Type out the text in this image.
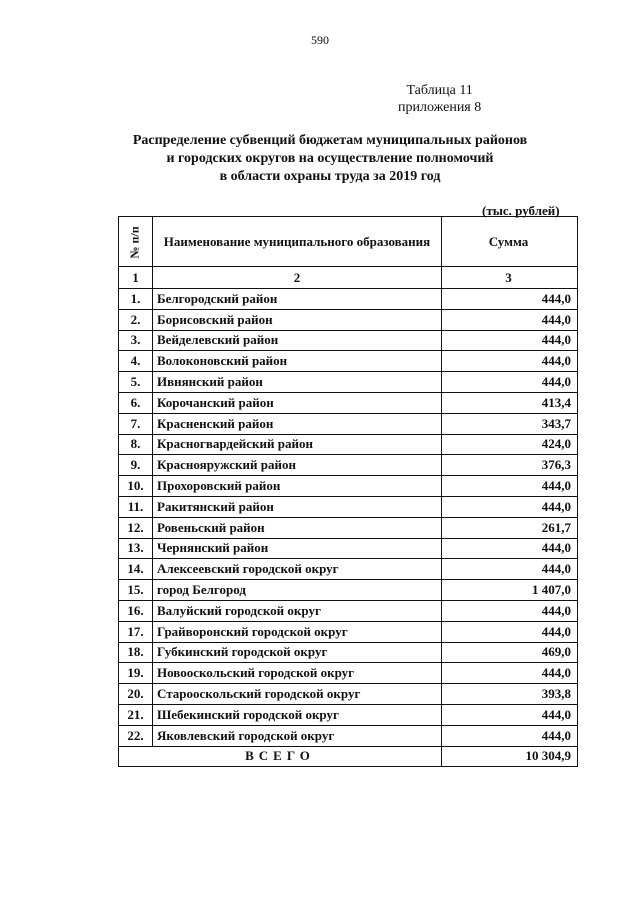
590
Таблица 11
приложения 8
Распределение субвенций бюджетам муниципальных районов
и городских округов на осуществление полномочий
в области охраны труда за 2019 год
(тыс. рублей)
№ п/п	Наименование муниципального образования	Сумма
1	2	3
1.	Белгородский район	444,0
2.	Борисовский район	444,0
3.	Вейделевский район	444,0
4.	Волоконовский район	444,0
5.	Ивнянский район	444,0
6.	Корочанский район	413,4
7.	Красненский район	343,7
8.	Красногвардейский район	424,0
9.	Краснояружский район	376,3
10.	Прохоровский район	444,0
11.	Ракитянский район	444,0
12.	Ровеньский район	261,7
13.	Чернянский район	444,0
14.	Алексеевский городской округ	444,0
15.	город Белгород	1 407,0
16.	Валуйский городской округ	444,0
17.	Грайворонский городской округ	444,0
18.	Губкинский городской округ	469,0
19.	Новооскольский городской округ	444,0
20.	Старооскольский городской округ	393,8
21.	Шебекинский городской округ	444,0
22.	Яковлевский городской округ	444,0
ВСЕГО		10 304,9
